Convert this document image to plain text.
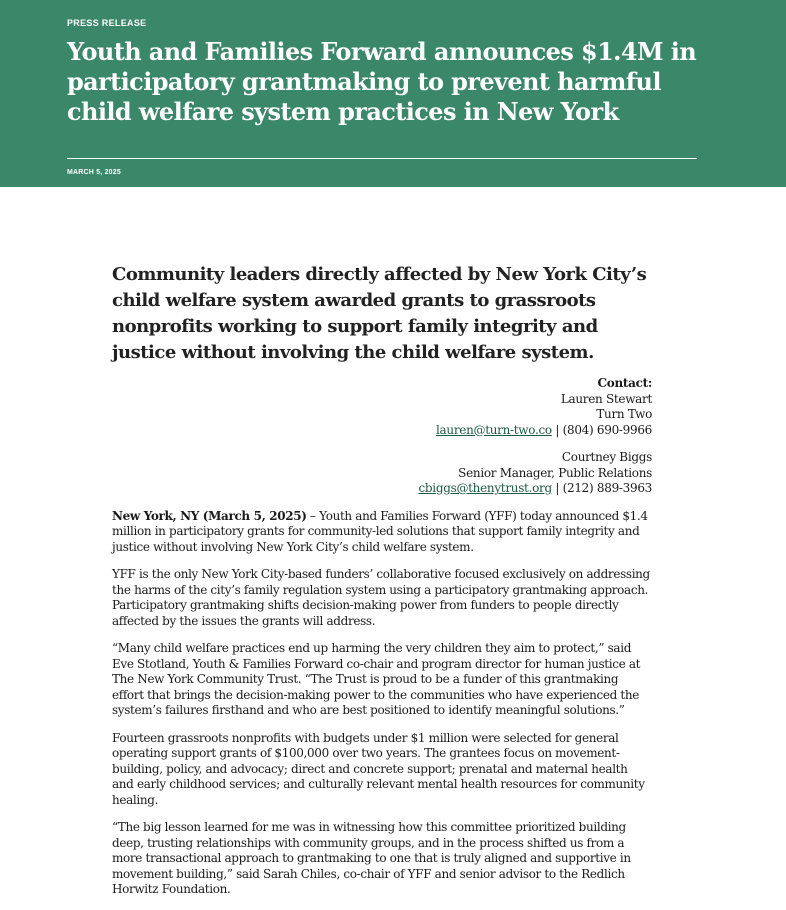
PRESS RELEASE
Youth and Families Forward announces $1.4M in participatory grantmaking to prevent harmful child welfare system practices in New York
MARCH 5, 2025
Community leaders directly affected by New York City’s child welfare system awarded grants to grassroots nonprofits working to support family integrity and justice without involving the child welfare system.
Contact:
Lauren Stewart
Turn Two
lauren@turn-two.co | (804) 690-9966
Courtney Biggs
Senior Manager, Public Relations
cbiggs@thenytrust.org | (212) 889-3963

New York, NY (March 5, 2025) – Youth and Families Forward (YFF) today announced $1.4 million in participatory grants for community-led solutions that support family integrity and justice without involving New York City’s child welfare system.

YFF is the only New York City-based funders’ collaborative focused exclusively on addressing the harms of the city’s family regulation system using a participatory grantmaking approach. Participatory grantmaking shifts decision-making power from funders to people directly affected by the issues the grants will address.

“Many child welfare practices end up harming the very children they aim to protect,” said Eve Stotland, Youth & Families Forward co-chair and program director for human justice at The New York Community Trust. “The Trust is proud to be a funder of this grantmaking effort that brings the decision-making power to the communities who have experienced the system’s failures firsthand and who are best positioned to identify meaningful solutions.”

Fourteen grassroots nonprofits with budgets under $1 million were selected for general operating support grants of $100,000 over two years. The grantees focus on movement-building, policy, and advocacy; direct and concrete support; prenatal and maternal health and early childhood services; and culturally relevant mental health resources for community healing.

“The big lesson learned for me was in witnessing how this committee prioritized building deep, trusting relationships with community groups, and in the process shifted us from a more transactional approach to grantmaking to one that is truly aligned and supportive in movement building,” said Sarah Chiles, co-chair of YFF and senior advisor to the Redlich Horwitz Foundation.
